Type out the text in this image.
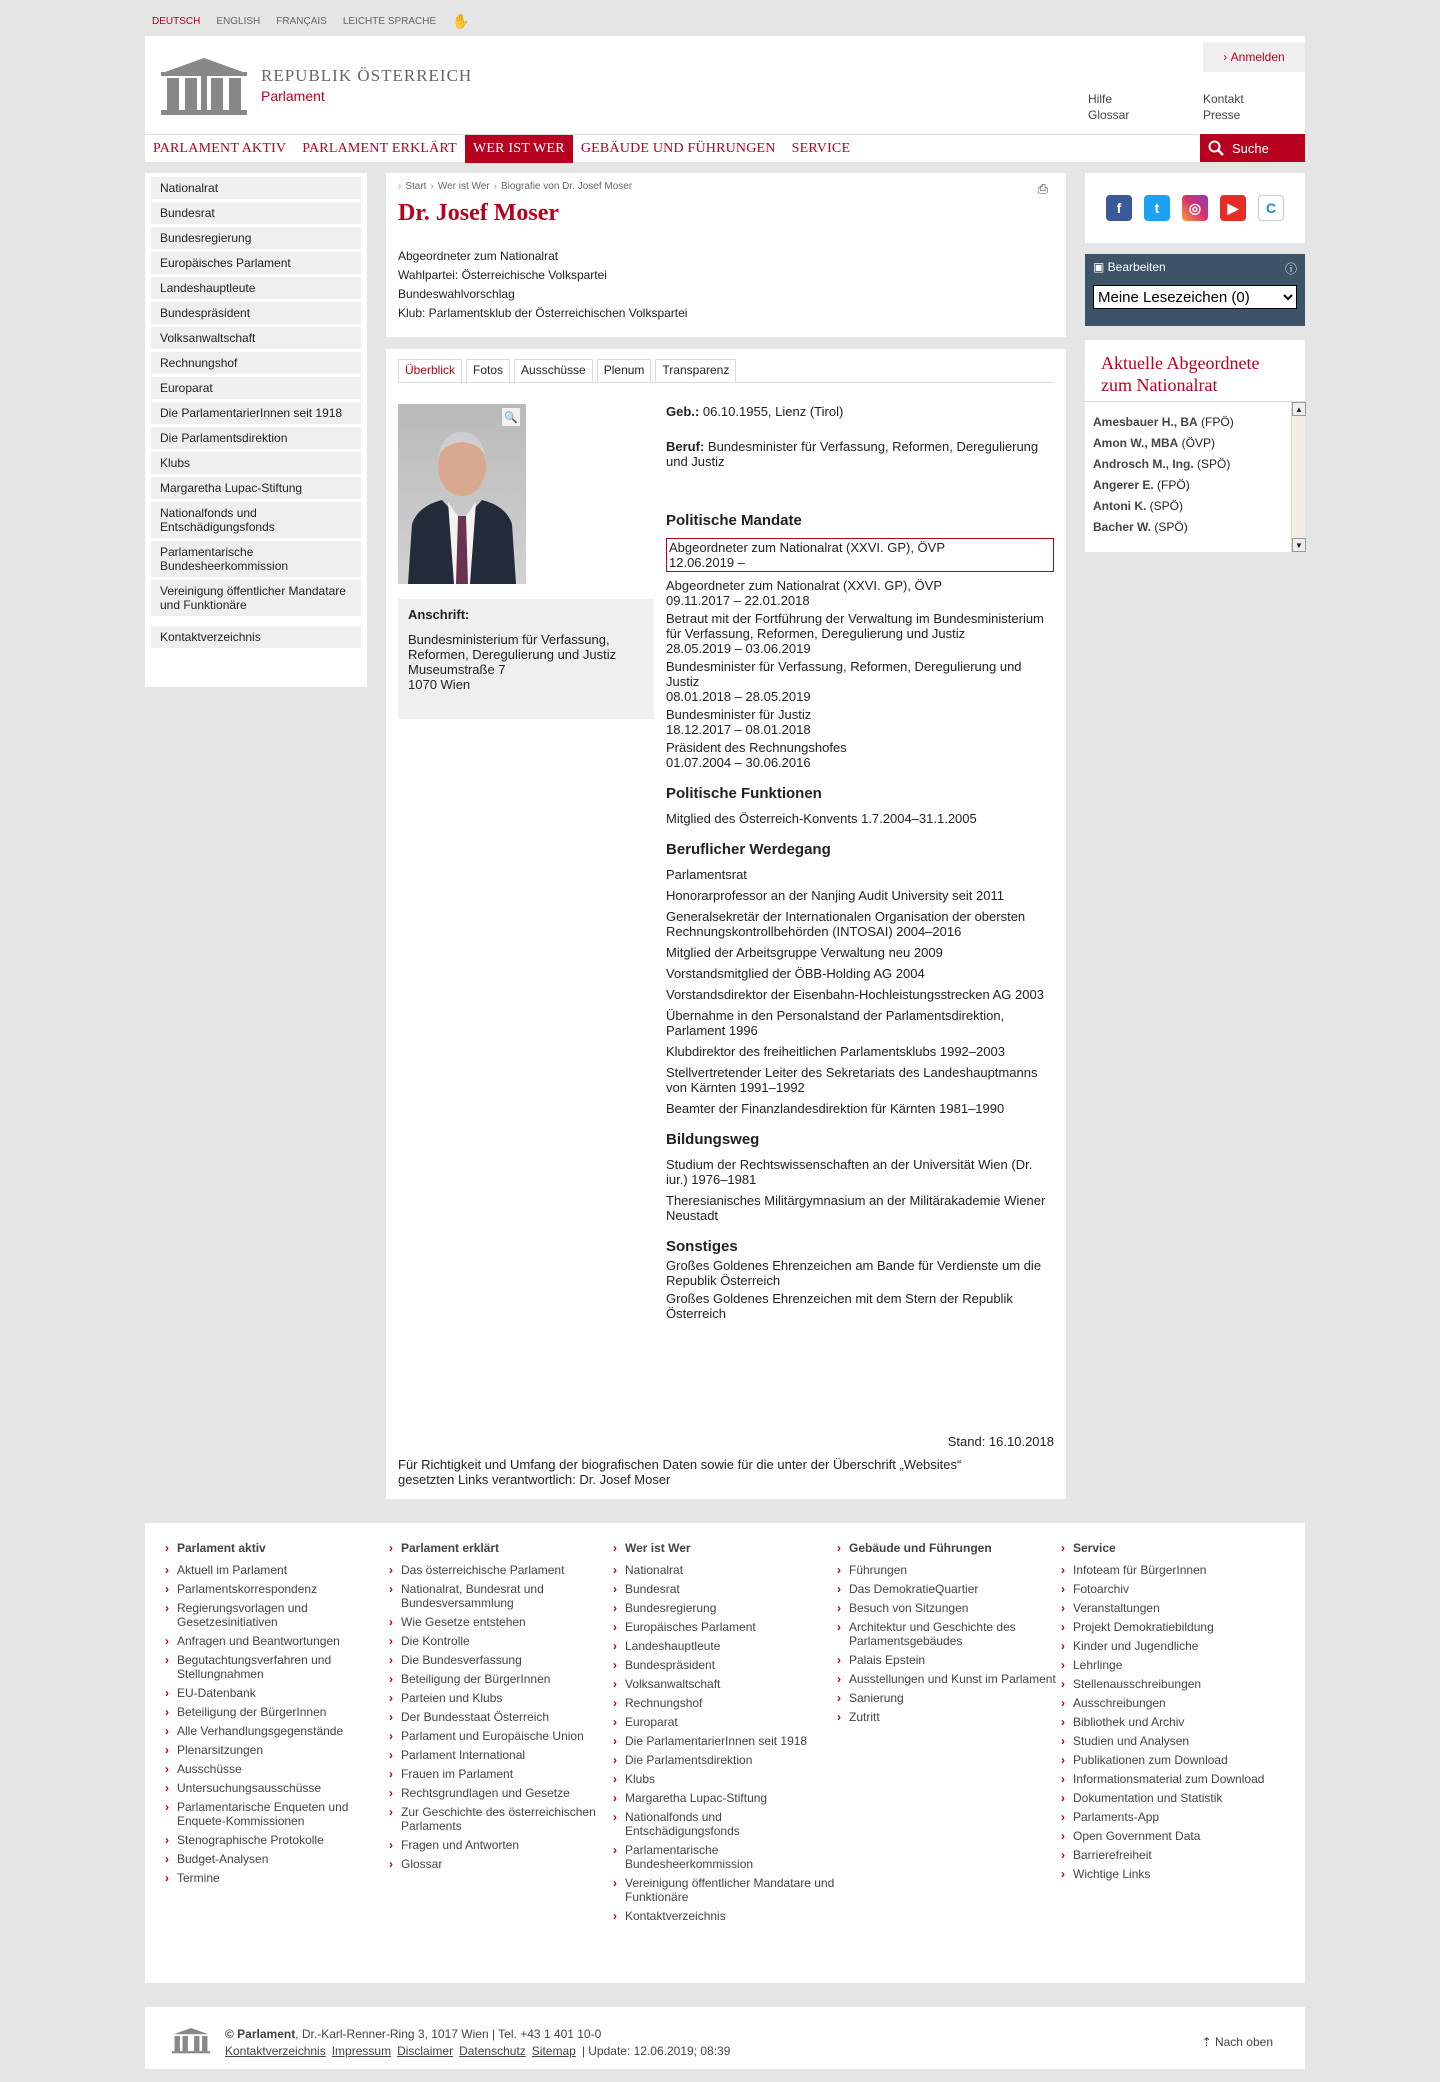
DEUTSCH ENGLISH FRANÇAIS LEICHTE SPRACHE ✋
REPUBLIK ÖSTERREICH
Parlament
› Anmelden
Hilfe	Kontakt
Glossar	Presse
PARLAMENT AKTIV	PARLAMENT ERKLÄRT	WER IST WER	GEBÄUDE UND FÜHRUNGEN	SERVICE	Suche
Nationalrat
Bundesrat
Bundesregierung
Europäisches Parlament
Landeshauptleute
Bundespräsident
Volksanwaltschaft
Rechnungshof
Europarat
Die ParlamentarierInnen seit 1918
Die Parlamentsdirektion
Klubs
Margaretha Lupac-Stiftung
Nationalfonds und Entschädigungsfonds
Parlamentarische Bundesheerkommission
Vereinigung öffentlicher Mandatare und Funktionäre
Kontaktverzeichnis
› Start › Wer ist Wer › Biografie von Dr. Josef Moser	⎙
Dr. Josef Moser
Abgeordneter zum Nationalrat
Wahlpartei: Österreichische Volkspartei
Bundeswahlvorschlag
Klub: Parlamentsklub der Österreichischen Volkspartei
Überblick	Fotos	Ausschüsse	Plenum	Transparenz
🔍
Anschrift:
Bundesministerium für Verfassung, Reformen, Deregulierung und Justiz
Museumstraße 7
1070 Wien
Geb.: 06.10.1955, Lienz (Tirol)
Beruf: Bundesminister für Verfassung, Reformen, Deregulierung und Justiz
Politische Mandate
Abgeordneter zum Nationalrat (XXVI. GP), ÖVP
12.06.2019 –
Abgeordneter zum Nationalrat (XXVI. GP), ÖVP
09.11.2017 – 22.01.2018
Betraut mit der Fortführung der Verwaltung im Bundesministerium für Verfassung, Reformen, Deregulierung und Justiz
28.05.2019 – 03.06.2019
Bundesminister für Verfassung, Reformen, Deregulierung und Justiz
08.01.2018 – 28.05.2019
Bundesminister für Justiz
18.12.2017 – 08.01.2018
Präsident des Rechnungshofes
01.07.2004 – 30.06.2016
Politische Funktionen
Mitglied des Österreich-Konvents 1.7.2004–31.1.2005
Beruflicher Werdegang
Parlamentsrat
Honorarprofessor an der Nanjing Audit University seit 2011
Generalsekretär der Internationalen Organisation der obersten Rechnungskontrollbehörden (INTOSAI) 2004–2016
Mitglied der Arbeitsgruppe Verwaltung neu 2009
Vorstandsmitglied der ÖBB-Holding AG 2004
Vorstandsdirektor der Eisenbahn-Hochleistungsstrecken AG 2003
Übernahme in den Personalstand der Parlamentsdirektion, Parlament 1996
Klubdirektor des freiheitlichen Parlamentsklubs 1992–2003
Stellvertretender Leiter des Sekretariats des Landeshauptmanns von Kärnten 1991–1992
Beamter der Finanzlandesdirektion für Kärnten 1981–1990
Bildungsweg
Studium der Rechtswissenschaften an der Universität Wien (Dr. iur.) 1976–1981
Theresianisches Militärgymnasium an der Militärakademie Wiener Neustadt
Sonstiges
Großes Goldenes Ehrenzeichen am Bande für Verdienste um die Republik Österreich
Großes Goldenes Ehrenzeichen mit dem Stern der Republik Österreich
Stand: 16.10.2018
Für Richtigkeit und Umfang der biografischen Daten sowie für die unter der Überschrift „Websites“ gesetzten Links verantwortlich: Dr. Josef Moser
f	t	◎	▶	C
▣ Bearbeiten	ⓘ
Meine Lesezeichen (0)
Aktuelle Abgeordnete zum Nationalrat
Amesbauer H., BA (FPÖ)
Amon W., MBA (ÖVP)
Androsch M., Ing. (SPÖ)
Angerer E. (FPÖ)
Antoni K. (SPÖ)
Bacher W. (SPÖ)
▲
▼
› Parlament aktiv
› Aktuell im Parlament
› Parlamentskorrespondenz
› Regierungsvorlagen und Gesetzesinitiativen
› Anfragen und Beantwortungen
› Begutachtungsverfahren und Stellungnahmen
› EU-Datenbank
› Beteiligung der BürgerInnen
› Alle Verhandlungsgegenstände
› Plenarsitzungen
› Ausschüsse
› Untersuchungsausschüsse
› Parlamentarische Enqueten und Enquete-Kommissionen
› Stenographische Protokolle
› Budget-Analysen
› Termine
› Parlament erklärt
› Das österreichische Parlament
› Nationalrat, Bundesrat und Bundesversammlung
› Wie Gesetze entstehen
› Die Kontrolle
› Die Bundesverfassung
› Beteiligung der BürgerInnen
› Parteien und Klubs
› Der Bundesstaat Österreich
› Parlament und Europäische Union
› Parlament International
› Frauen im Parlament
› Rechtsgrundlagen und Gesetze
› Zur Geschichte des österreichischen Parlaments
› Fragen und Antworten
› Glossar
› Wer ist Wer
› Nationalrat
› Bundesrat
› Bundesregierung
› Europäisches Parlament
› Landeshauptleute
› Bundespräsident
› Volksanwaltschaft
› Rechnungshof
› Europarat
› Die ParlamentarierInnen seit 1918
› Die Parlamentsdirektion
› Klubs
› Margaretha Lupac-Stiftung
› Nationalfonds und Entschädigungsfonds
› Parlamentarische Bundesheerkommission
› Vereinigung öffentlicher Mandatare und Funktionäre
› Kontaktverzeichnis
› Gebäude und Führungen
› Führungen
› Das DemokratieQuartier
› Besuch von Sitzungen
› Architektur und Geschichte des Parlamentsgebäudes
› Palais Epstein
› Ausstellungen und Kunst im Parlament
› Sanierung
› Zutritt
› Service
› Infoteam für BürgerInnen
› Fotoarchiv
› Veranstaltungen
› Projekt Demokratiebildung
› Kinder und Jugendliche
› Lehrlinge
› Stellenausschreibungen
› Ausschreibungen
› Bibliothek und Archiv
› Studien und Analysen
› Publikationen zum Download
› Informationsmaterial zum Download
› Dokumentation und Statistik
› Parlaments-App
› Open Government Data
› Barrierefreiheit
› Wichtige Links
© Parlament, Dr.-Karl-Renner-Ring 3, 1017 Wien | Tel. +43 1 401 10-0
Kontaktverzeichnis Impressum Disclaimer Datenschutz Sitemap | Update: 12.06.2019; 08:39
⇡ Nach oben
